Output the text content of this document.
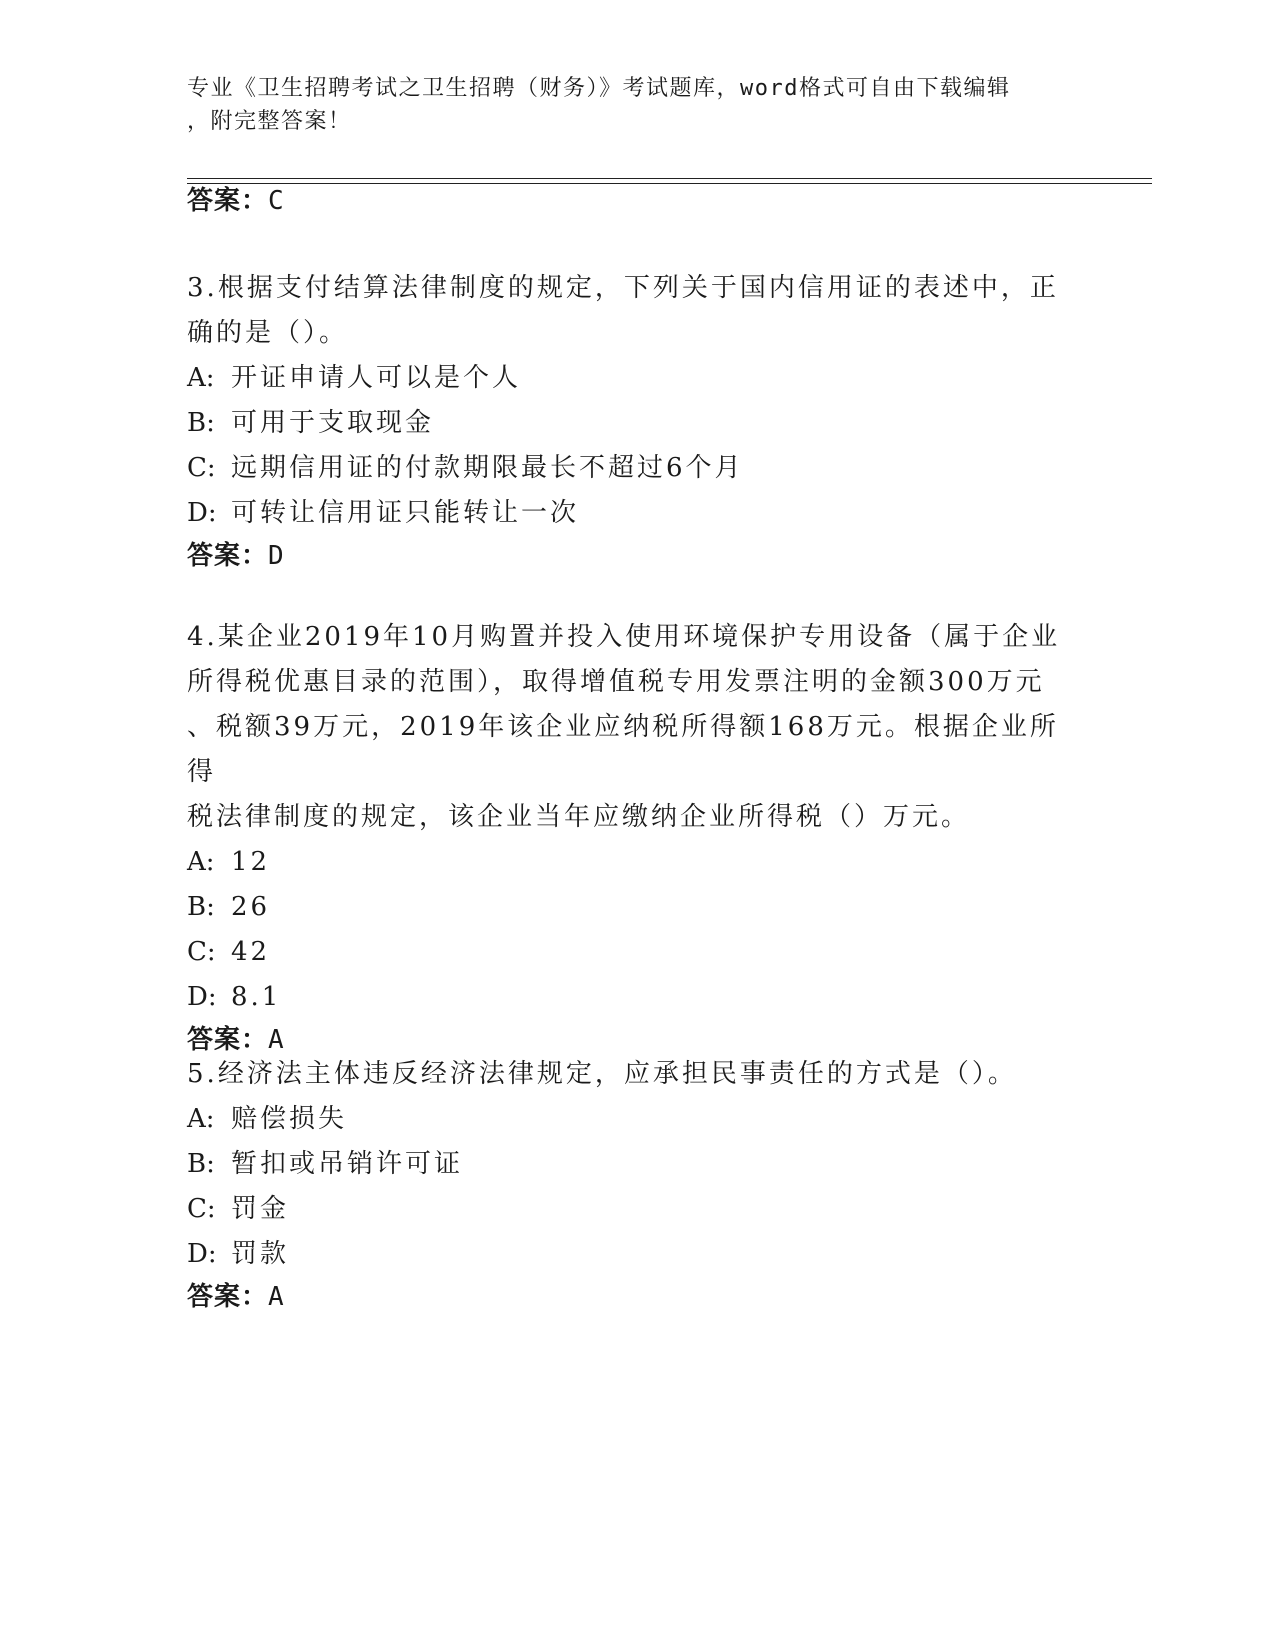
专业《卫生招聘考试之卫生招聘（财务）》考试题库，word格式可自由下载编辑
，附完整答案！
答案：C
3.根据支付结算法律制度的规定，下列关于国内信用证的表述中，正
确的是（）。
A: 开证申请人可以是个人
B: 可用于支取现金
C: 远期信用证的付款期限最长不超过6个月
D: 可转让信用证只能转让一次
答案：D
4.某企业2019年10月购置并投入使用环境保护专用设备（属于企业
所得税优惠目录的范围），取得增值税专用发票注明的金额300万元
、税额39万元，2019年该企业应纳税所得额168万元。根据企业所得
税法律制度的规定，该企业当年应缴纳企业所得税（）万元。
A: 12
B: 26
C: 42
D: 8.1
答案：A
5.经济法主体违反经济法律规定，应承担民事责任的方式是（）。
A: 赔偿损失
B: 暂扣或吊销许可证
C: 罚金
D: 罚款
答案：A
